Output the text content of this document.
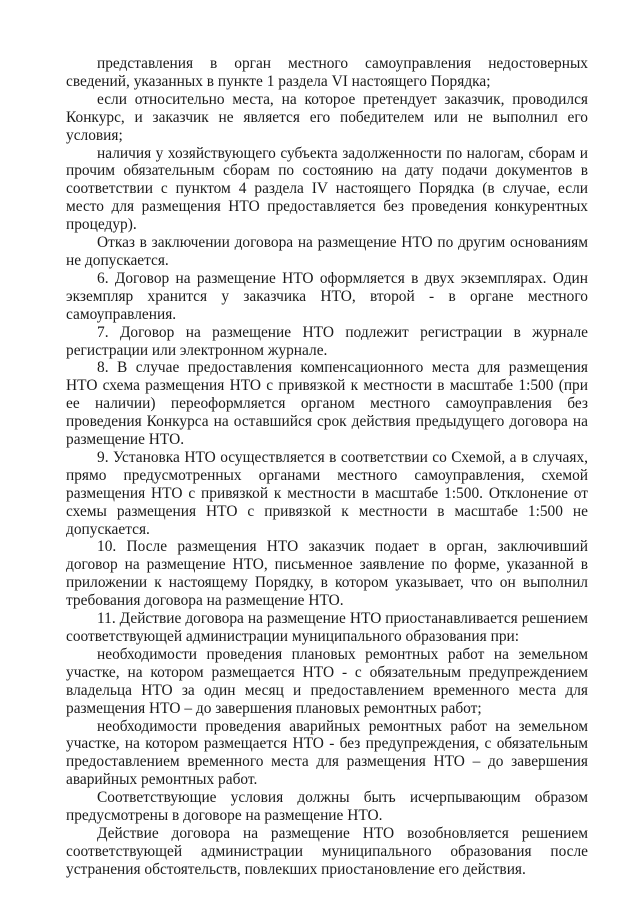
представления в орган местного самоуправления недостоверных сведений, указанных в пункте 1 раздела VI настоящего Порядка;

если относительно места, на которое претендует заказчик, проводился Конкурс, и заказчик не является его победителем или не выполнил его условия;

наличия у хозяйствующего субъекта задолженности по налогам, сборам и прочим обязательным сборам по состоянию на дату подачи документов в соответствии с пунктом 4 раздела IV настоящего Порядка (в случае, если место для размещения НТО предоставляется без проведения конкурентных процедур).

Отказ в заключении договора на размещение НТО по другим основаниям не допускается.

6. Договор на размещение НТО оформляется в двух экземплярах. Один экземпляр хранится у заказчика НТО, второй - в органе местного самоуправления.

7. Договор на размещение НТО подлежит регистрации в журнале регистрации или электронном журнале.

8. В случае предоставления компенсационного места для размещения НТО схема размещения НТО с привязкой к местности в масштабе 1:500 (при ее наличии) переоформляется органом местного самоуправления без проведения Конкурса на оставшийся срок действия предыдущего договора на размещение НТО.

9. Установка НТО осуществляется в соответствии со Схемой, а в случаях, прямо предусмотренных органами местного самоуправления, схемой размещения НТО с привязкой к местности в масштабе 1:500. Отклонение от схемы размещения НТО с привязкой к местности в масштабе 1:500 не допускается.

10. После размещения НТО заказчик подает в орган, заключивший договор на размещение НТО, письменное заявление по форме, указанной в приложении к настоящему Порядку, в котором указывает, что он выполнил требования договора на размещение НТО.

11. Действие договора на размещение НТО приостанавливается решением соответствующей администрации муниципального образования при:

необходимости проведения плановых ремонтных работ на земельном участке, на котором размещается НТО - с обязательным предупреждением владельца НТО за один месяц и предоставлением временного места для размещения НТО – до завершения плановых ремонтных работ;

необходимости проведения аварийных ремонтных работ на земельном участке, на котором размещается НТО - без предупреждения, с обязательным предоставлением временного места для размещения НТО – до завершения аварийных ремонтных работ.

Соответствующие условия должны быть исчерпывающим образом предусмотрены в договоре на размещение НТО.

Действие договора на размещение НТО возобновляется решением соответствующей администрации муниципального образования после устранения обстоятельств, повлекших приостановление его действия.
